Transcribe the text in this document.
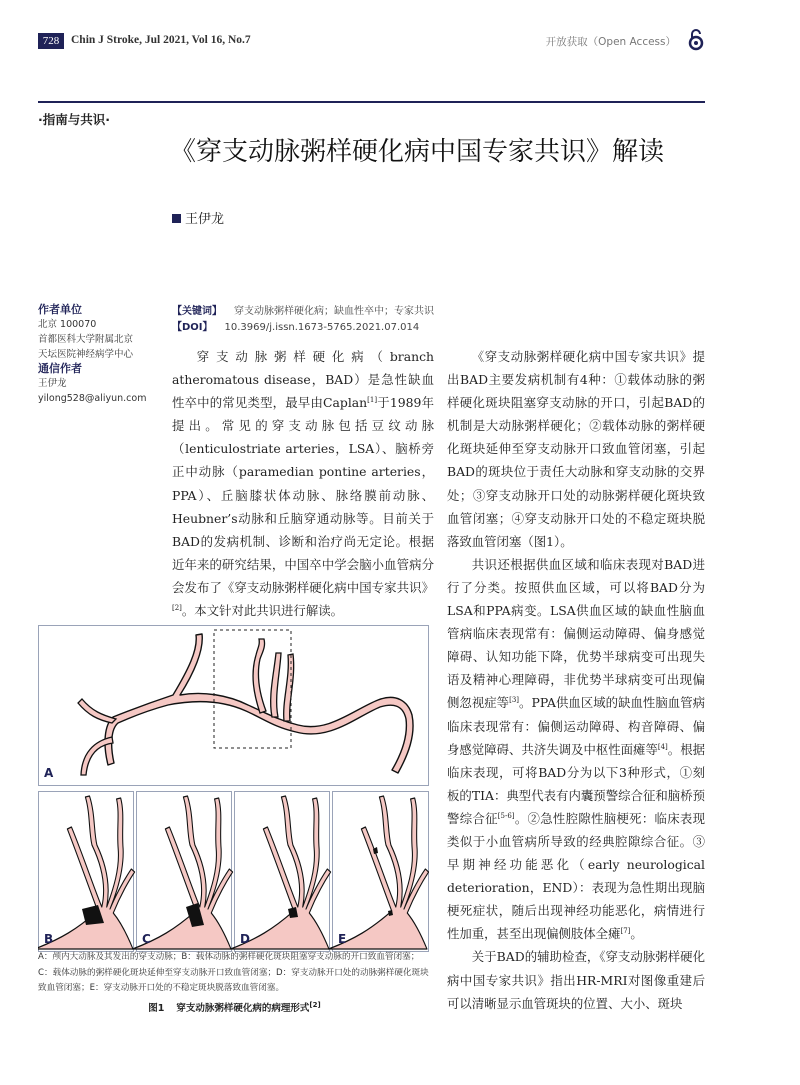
728	Chin J Stroke, Jul 2021, Vol 16, No.7	开放获取（Open Access）
·指南与共识·
《穿支动脉粥样硬化病中国专家共识》解读
王伊龙
作者单位
北京 100070
首都医科大学附属北京
天坛医院神经病学中心
通信作者
王伊龙
yilong528@aliyun.com
【关键词】 穿支动脉粥样硬化病；缺血性卒中；专家共识
【DOI】 10.3969/j.issn.1673-5765.2021.07.014

穿支动脉粥样硬化病（branch atheromatous disease，BAD）是急性缺血性卒中的常见类型，最早由Caplan[1]于1989年提出。常见的穿支动脉包括豆纹动脉（lenticulostriate arteries，LSA）、脑桥旁正中动脉（paramedian pontine arteries，PPA）、丘脑膝状体动脉、脉络膜前动脉、Heubner’s动脉和丘脑穿通动脉等。目前关于BAD的发病机制、诊断和治疗尚无定论。根据近年来的研究结果，中国卒中学会脑小血管病分会发布了《穿支动脉粥样硬化病中国专家共识》[2]。本文针对此共识进行解读。

《穿支动脉粥样硬化病中国专家共识》提出BAD主要发病机制有4种：①载体动脉的粥样硬化斑块阻塞穿支动脉的开口，引起BAD的机制是大动脉粥样硬化；②载体动脉的粥样硬化斑块延伸至穿支动脉开口致血管闭塞，引起BAD的斑块位于责任大动脉和穿支动脉的交界处；③穿支动脉开口处的动脉粥样硬化斑块致血管闭塞；④穿支动脉开口处的不稳定斑块脱落致血管闭塞（图1）。

共识还根据供血区域和临床表现对BAD进行了分类。按照供血区域，可以将BAD分为LSA和PPA病变。LSA供血区域的缺血性脑血管病临床表现常有：偏侧运动障碍、偏身感觉障碍、认知功能下降，优势半球病变可出现失语及精神心理障碍，非优势半球病变可出现偏侧忽视症等[3]。PPA供血区域的缺血性脑血管病临床表现常有：偏侧运动障碍、构音障碍、偏身感觉障碍、共济失调及中枢性面瘫等[4]。根据临床表现，可将BAD分为以下3种形式，①刻板的TIA：典型代表有内囊预警综合征和脑桥预警综合征[5-6]。②急性腔隙性脑梗死：临床表现类似于小血管病所导致的经典腔隙综合征。③早期神经功能恶化（early neurological deterioration，END）：表现为急性期出现脑梗死症状，随后出现神经功能恶化，病情进行性加重，甚至出现偏侧肢体全瘫[7]。

关于BAD的辅助检查，《穿支动脉粥样硬化病中国专家共识》指出HR-MRI对图像重建后可以清晰显示血管斑块的位置、大小、斑块

A
B	C	D	E
A：颅内大动脉及其发出的穿支动脉；B：载体动脉的粥样硬化斑块阻塞穿支动脉的开口致血管闭塞；C：载体动脉的粥样硬化斑块延伸至穿支动脉开口致血管闭塞；D：穿支动脉开口处的动脉粥样硬化斑块致血管闭塞；E：穿支动脉开口处的不稳定斑块脱落致血管闭塞。
图1 穿支动脉粥样硬化病的病理形式[2]
